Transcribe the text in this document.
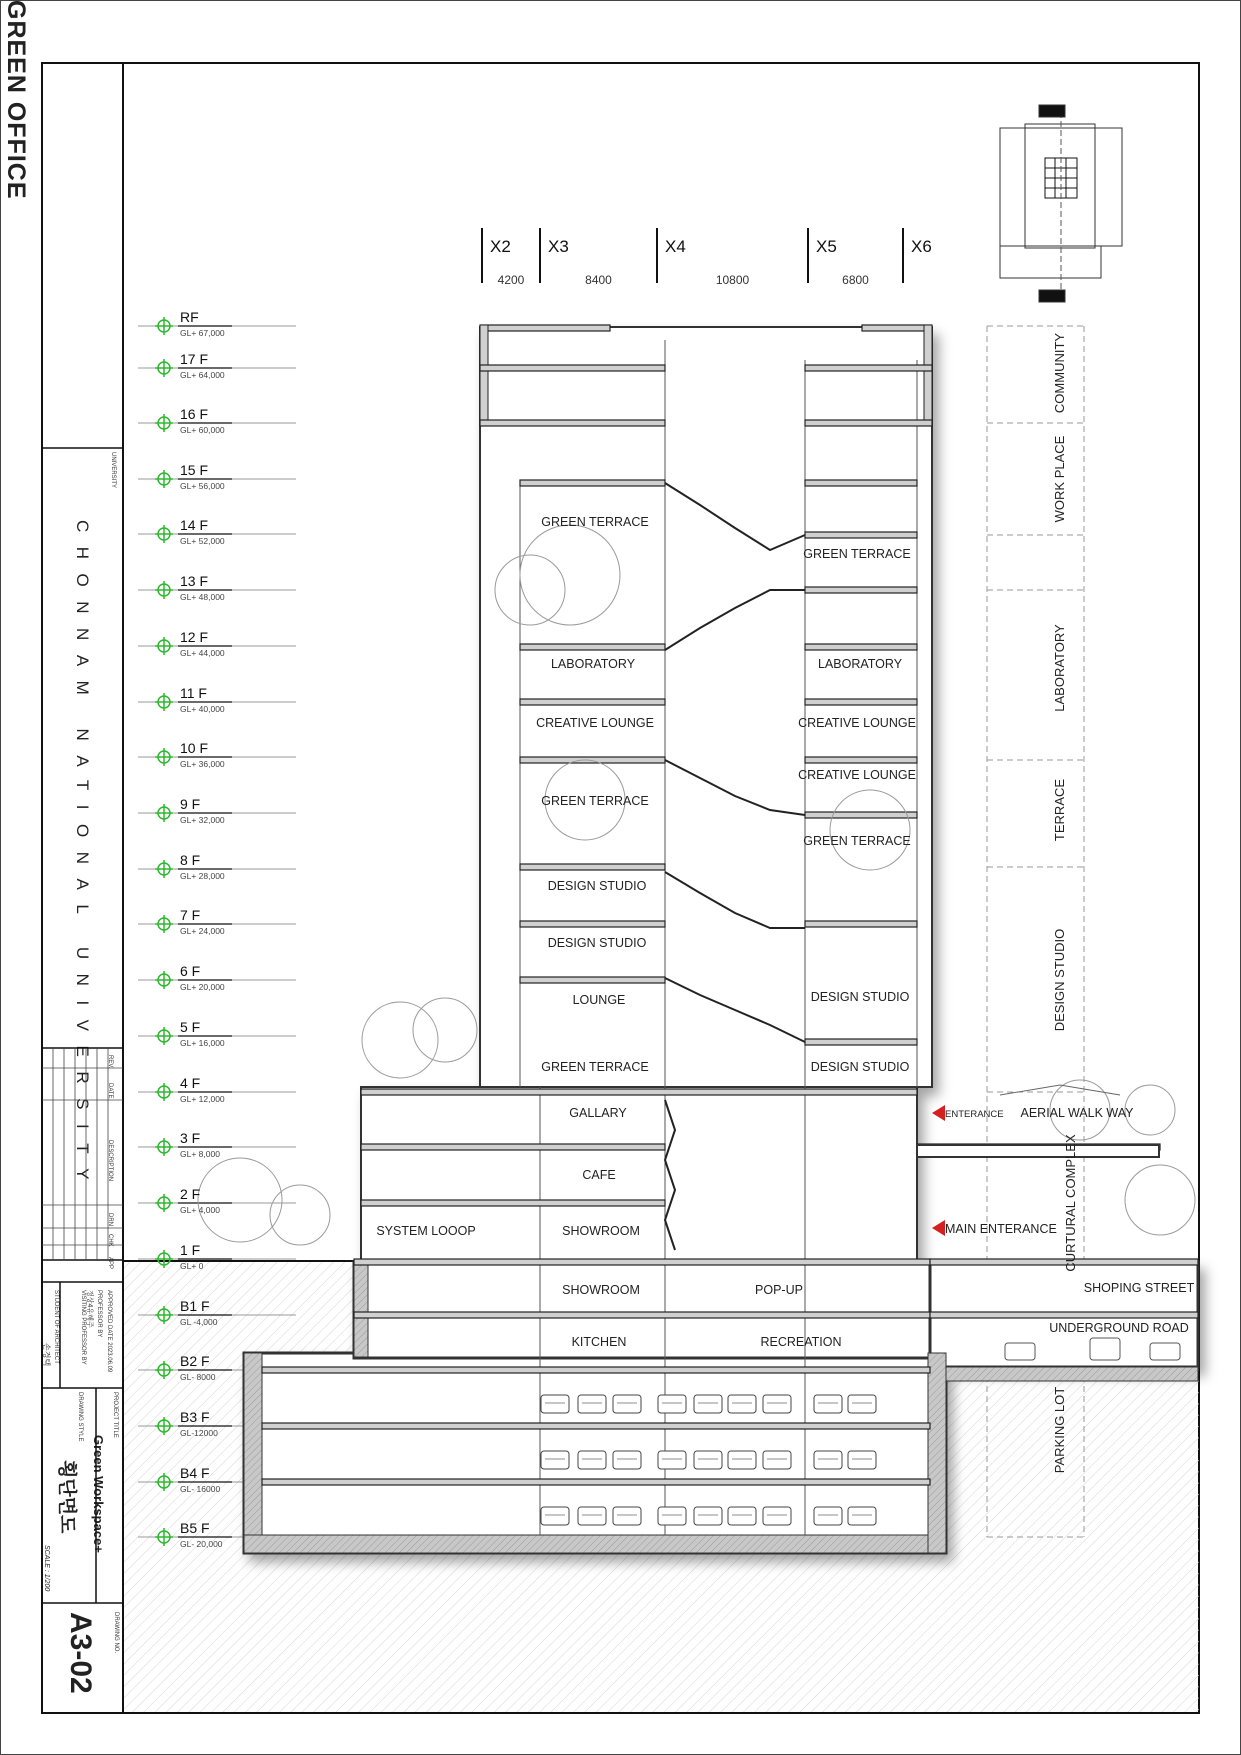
GREEN OFFICE
CHONNAM NATIONAL UNIVERSITY
UNIVERSITY
REV.
DATE
DESCRIPTION
DRN
CHK
APP
APPROVED DATE 2023.06.09
PROFESSOR BY
정상4유해주
VISITING PROFESSOR BY
STUDENT OF ARCHITECT
손경택
PROJECT TITLE
Green Workspace+
DRAWING STYLE
횡단면도
SCALE : 1/200
DRAWING NO.
A3-02
X2 X3	X4	X5	X6
4200	8400	10800	6800
RF
GL+ 67,000
17 F
GL+ 64,000
16 F
GL+ 60,000
15 F
GL+ 56,000
14 F
GL+ 52,000
13 F
GL+ 48,000
12 F
GL+ 44,000
11 F
GL+ 40,000
10 F
GL+ 36,000
9 F
GL+ 32,000
8 F
GL+ 28,000
7 F
GL+ 24,000
6 F
GL+ 20,000
5 F
GL+ 16,000
4 F
GL+ 12,000
3 F
GL+ 8,000
2 F
GL+ 4,000
1 F
GL+ 0
B1 F
GL -4,000
B2 F
GL- 8000
B3 F
GL-12000
B4 F
GL- 16000
B5 F
GL- 20,000
GREEN TERRACE
GREEN TERRACE
LABORATORY	LABORATORY
CREATIVE LOUNGE	CREATIVE LOUNGE
CREATIVE LOUNGE
GREEN TERRACE
GREEN TERRACE
DESIGN STUDIO
DESIGN STUDIO
LOUNGE	DESIGN STUDIO
GREEN TERRACE	DESIGN STUDIO
GALLARY
CAFE
SYSTEM LOOOP	SHOWROOM
SHOWROOM	POP-UP
KITCHEN	RECREATION
AERIAL WALK WAY
SHOPING STREET
UNDERGROUND ROAD
ENTERANCE
MAIN ENTERANCE
COMMUNITY
WORK PLACE
LABORATORY
TERRACE
DESIGN STUDIO
CURTURAL COMPLEX
PARKING LOT
